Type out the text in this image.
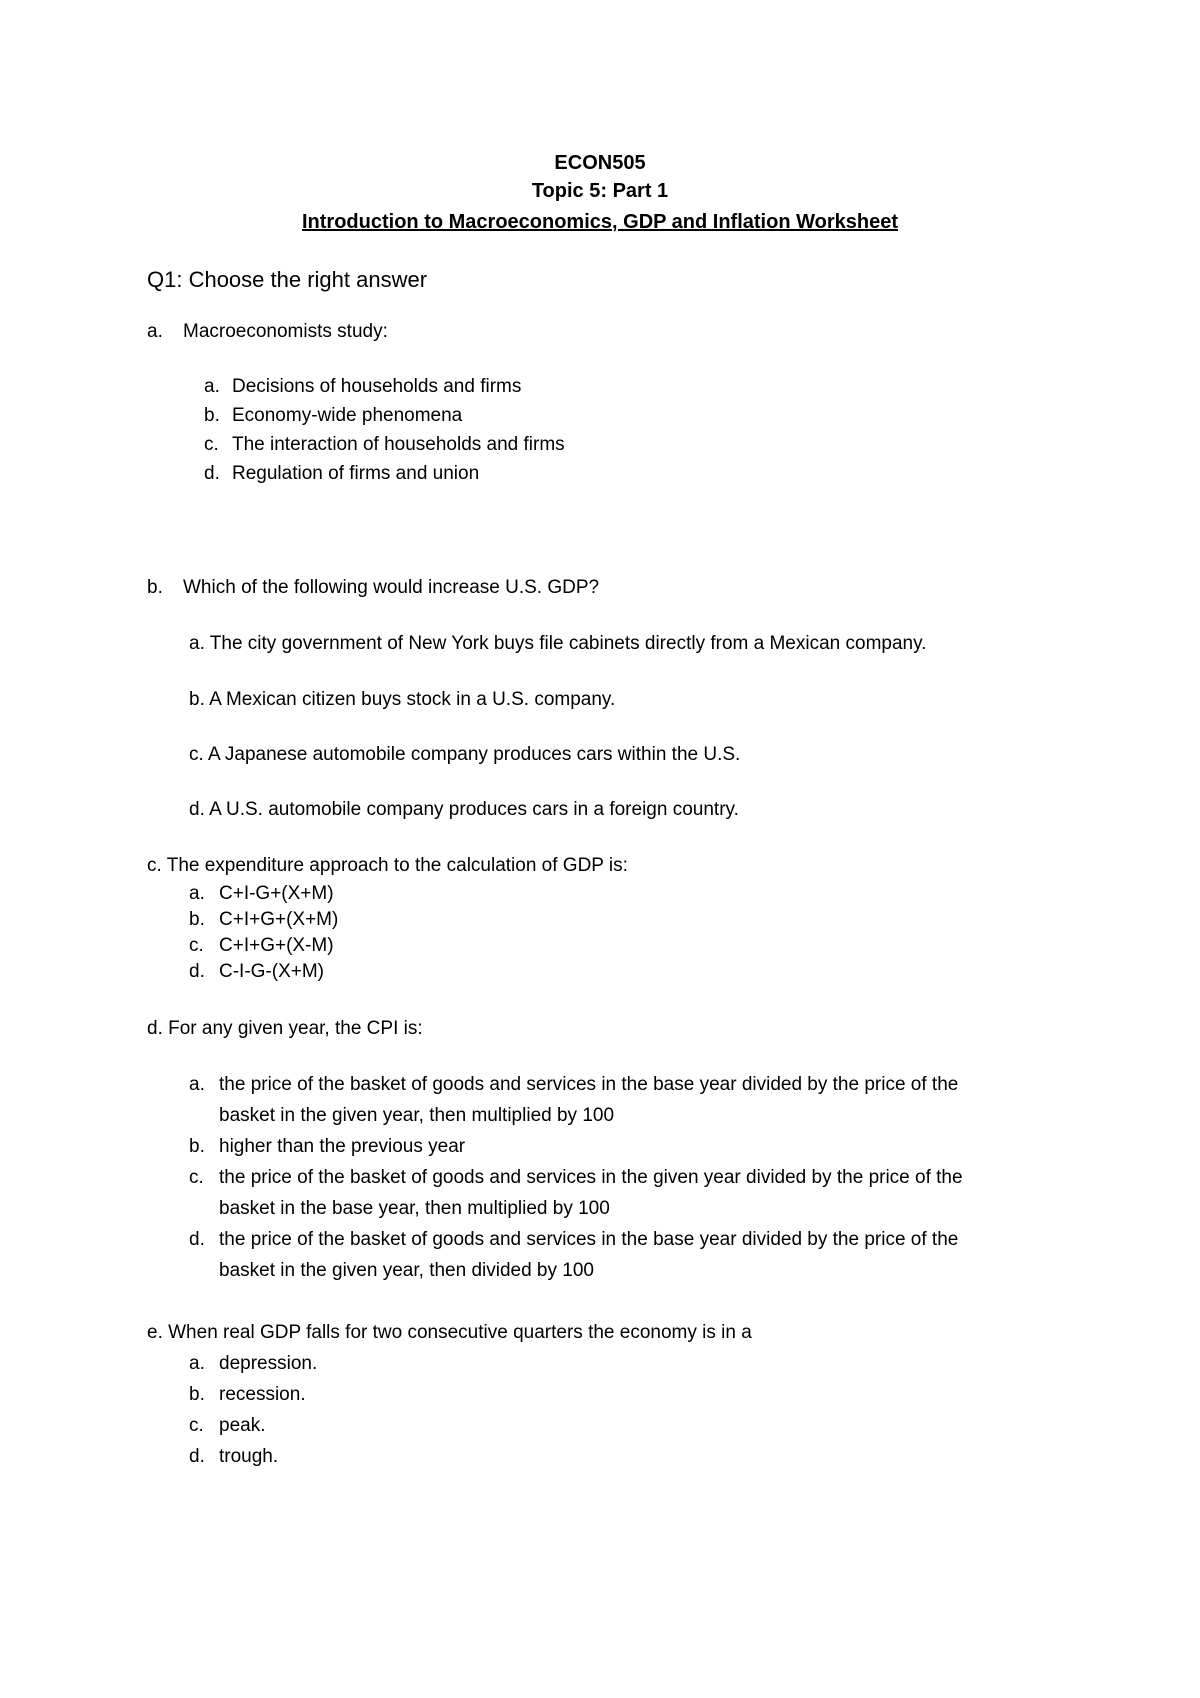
ECON505
Topic 5: Part 1
Introduction to Macroeconomics, GDP and Inflation Worksheet
Q1: Choose the right answer
a. Macroeconomists study:
a. Decisions of households and firms
b. Economy-wide phenomena
c. The interaction of households and firms
d. Regulation of firms and union
b. Which of the following would increase U.S. GDP?
a. The city government of New York buys file cabinets directly from a Mexican company.
b. A Mexican citizen buys stock in a U.S. company.
c. A Japanese automobile company produces cars within the U.S.
d. A U.S. automobile company produces cars in a foreign country.
c. The expenditure approach to the calculation of GDP is:
a. C+I-G+(X+M)
b. C+I+G+(X+M)
c. C+I+G+(X-M)
d. C-I-G-(X+M)
d. For any given year, the CPI is:
a. the price of the basket of goods and services in the base year divided by the price of the
basket in the given year, then multiplied by 100
b. higher than the previous year
c. the price of the basket of goods and services in the given year divided by the price of the
basket in the base year, then multiplied by 100
d. the price of the basket of goods and services in the base year divided by the price of the
basket in the given year, then divided by 100
e. When real GDP falls for two consecutive quarters the economy is in a
a. depression.
b. recession.
c. peak.
d. trough.
